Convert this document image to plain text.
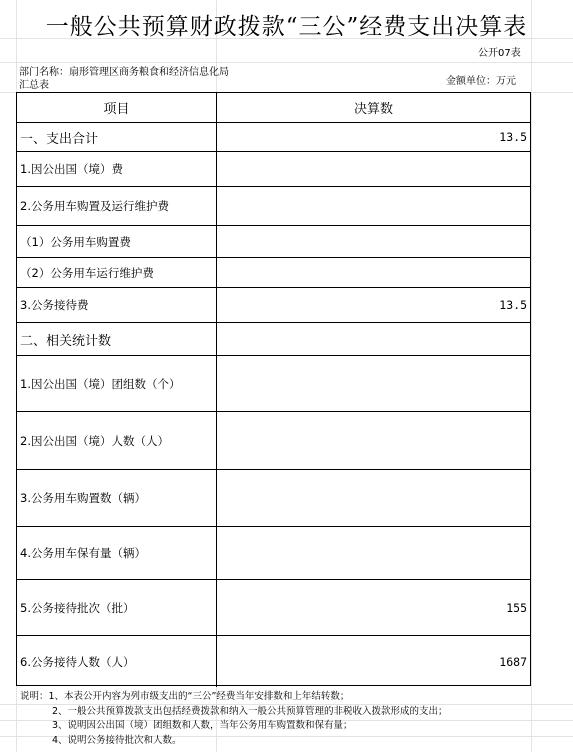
一般公共预算财政拨款“三公”经费支出决算表
公开07表
部门名称：扇形管理区商务粮食和经济信息化局汇总表	金额单位：万元
项目	决算数
一、支出合计	13.5
1.因公出国（境）费
2.公务用车购置及运行维护费
（1）公务用车购置费
（2）公务用车运行维护费
3.公务接待费	13.5
二、相关统计数
1.因公出国（境）团组数（个）
2.因公出国（境）人数（人）
3.公务用车购置数（辆）
4.公务用车保有量（辆）
5.公务接待批次（批）	155
6.公务接待人数（人）	1687
说明：1、本表公开内容为列市级支出的“三公”经费当年安排数和上年结转数；
2、一般公共预算拨款支出包括经费拨款和纳入一般公共预算管理的非税收入拨款形成的支出；
3、说明因公出国（境）团组数和人数，当年公务用车购置数和保有量；
4、说明公务接待批次和人数。
